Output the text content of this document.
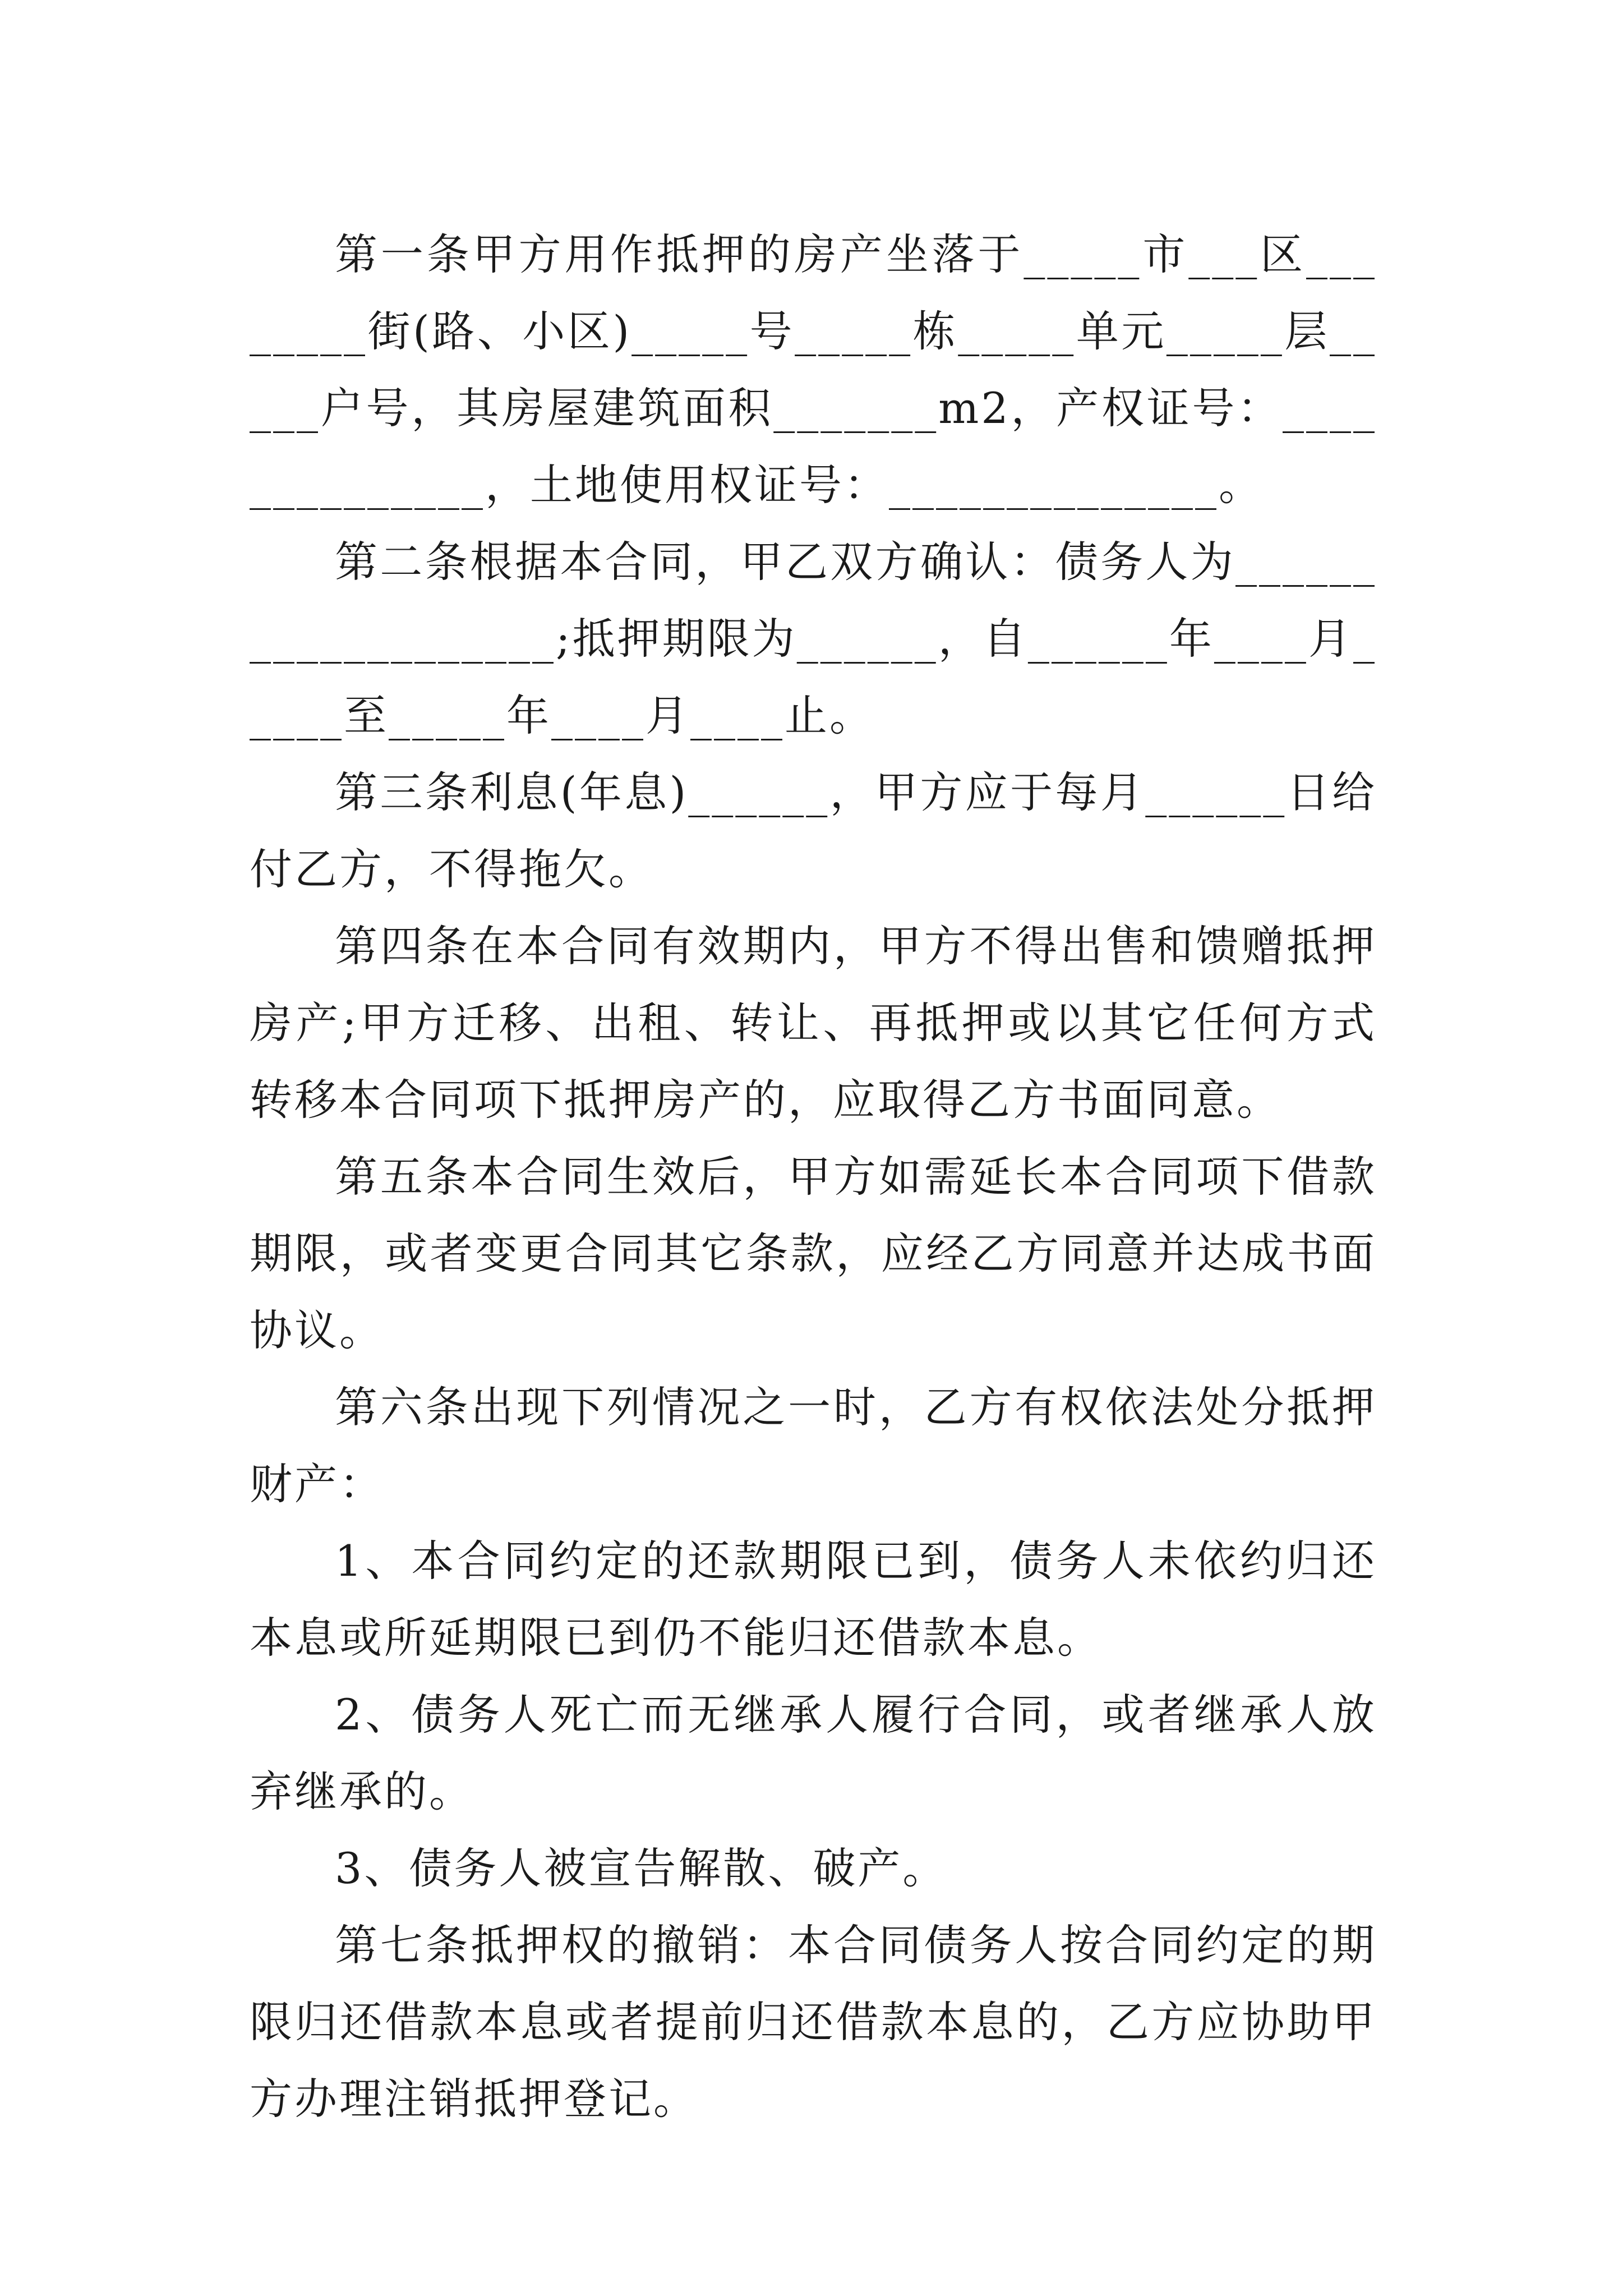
第一条甲方用作抵押的房产坐落于_____市___区________街(路、小区)_____号_____栋_____单元_____层_____户号，其房屋建筑面积_______m2，产权证号：______________，土地使用权证号：______________。

第二条根据本合同，甲乙双方确认：债务人为___________________;抵押期限为______，自______年____月_____至_____年____月____止。

第三条利息(年息)______，甲方应于每月______日给付乙方，不得拖欠。

第四条在本合同有效期内，甲方不得出售和馈赠抵押房产;甲方迁移、出租、转让、再抵押或以其它任何方式转移本合同项下抵押房产的，应取得乙方书面同意。

第五条本合同生效后，甲方如需延长本合同项下借款期限，或者变更合同其它条款，应经乙方同意并达成书面协议。

第六条出现下列情况之一时，乙方有权依法处分抵押财产：

1、本合同约定的还款期限已到，债务人未依约归还本息或所延期限已到仍不能归还借款本息。

2、债务人死亡而无继承人履行合同，或者继承人放弃继承的。

3、债务人被宣告解散、破产。

第七条抵押权的撤销：本合同债务人按合同约定的期限归还借款本息或者提前归还借款本息的，乙方应协助甲方办理注销抵押登记。
